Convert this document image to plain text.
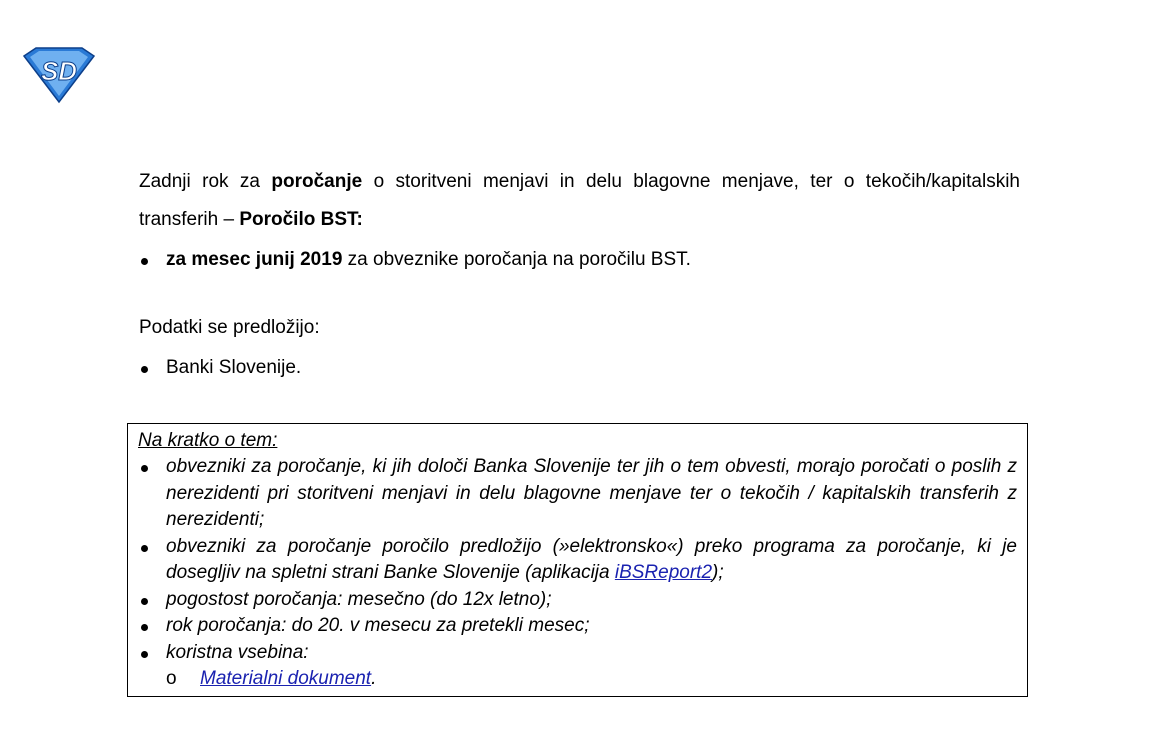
SD

Zadnji rok za poročanje o storitveni menjavi in delu blagovne menjave, ter o tekočih/kapitalskih transferih – Poročilo BST:

za mesec junij 2019 za obveznike poročanja na poročilu BST.

Podatki se predložijo:

Banki Slovenije.

Na kratko o tem:

obvezniki za poročanje, ki jih določi Banka Slovenije ter jih o tem obvesti, morajo poročati o poslih z nerezidenti pri storitveni menjavi in delu blagovne menjave ter o tekočih / kapitalskih transferih z nerezidenti;
obvezniki za poročanje poročilo predložijo (»elektronsko«) preko programa za poročanje, ki je dosegljiv na spletni strani Banke Slovenije (aplikacija iBSReport2);
pogostost poročanja: mesečno (do 12x letno);
rok poročanja: do 20. v mesecu za pretekli mesec;
koristna vsebina:
o Materialni dokument.
